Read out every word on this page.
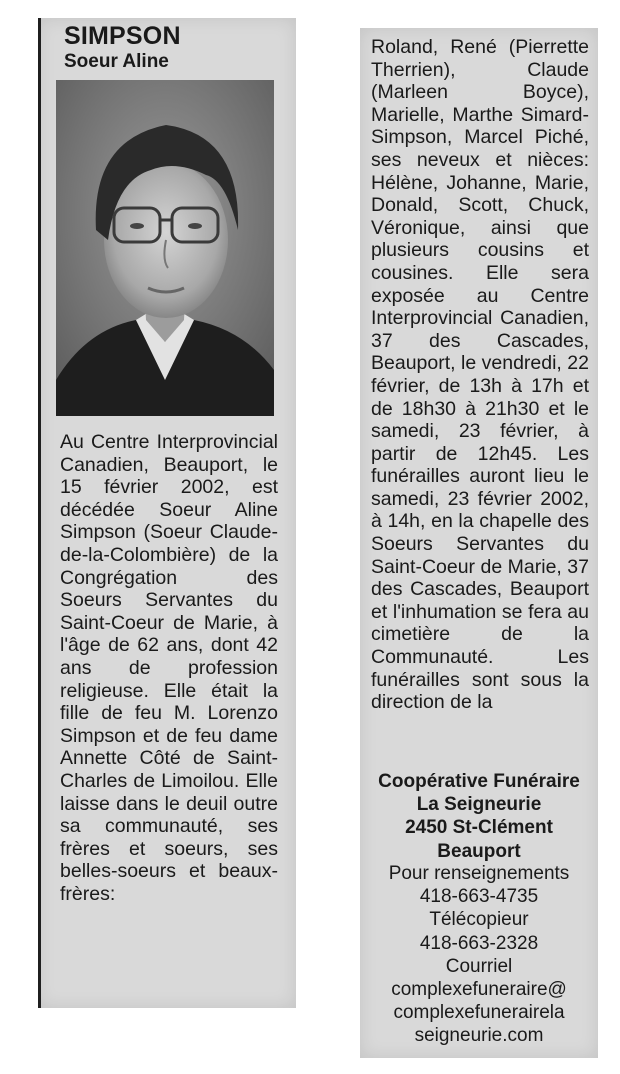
SIMPSON
Soeur Aline
Au Centre Interprovincial Canadien, Beauport, le 15 février 2002, est décédée Soeur Aline Simpson (Soeur Claude-de-la-Colombière) de la Congrégation des Soeurs Servantes du Saint-Coeur de Marie, à l'âge de 62 ans, dont 42 ans de profession religieuse. Elle était la fille de feu M. Lorenzo Simpson et de feu dame Annette Côté de Saint-Charles de Limoilou. Elle laisse dans le deuil outre sa communauté, ses frères et soeurs, ses belles-soeurs et beaux-frères:
Roland, René (Pierrette Therrien), Claude (Marleen Boyce), Marielle, Marthe Simard-Simpson, Marcel Piché, ses neveux et nièces: Hélène, Johanne, Marie, Donald, Scott, Chuck, Véronique, ainsi que plusieurs cousins et cousines. Elle sera exposée au Centre Interprovincial Canadien, 37 des Cascades, Beauport, le vendredi, 22 février, de 13h à 17h et de 18h30 à 21h30 et le samedi, 23 février, à partir de 12h45. Les funérailles auront lieu le samedi, 23 février 2002, à 14h, en la chapelle des Soeurs Servantes du Saint-Coeur de Marie, 37 des Cascades, Beauport et l'inhumation se fera au cimetière de la Communauté. Les funérailles sont sous la direction de la
Coopérative Funéraire
La Seigneurie
2450 St-Clément
Beauport
Pour renseignements
418-663-4735
Télécopieur
418-663-2328
Courriel
complexefuneraire@
complexefunerairela
seigneurie.com
